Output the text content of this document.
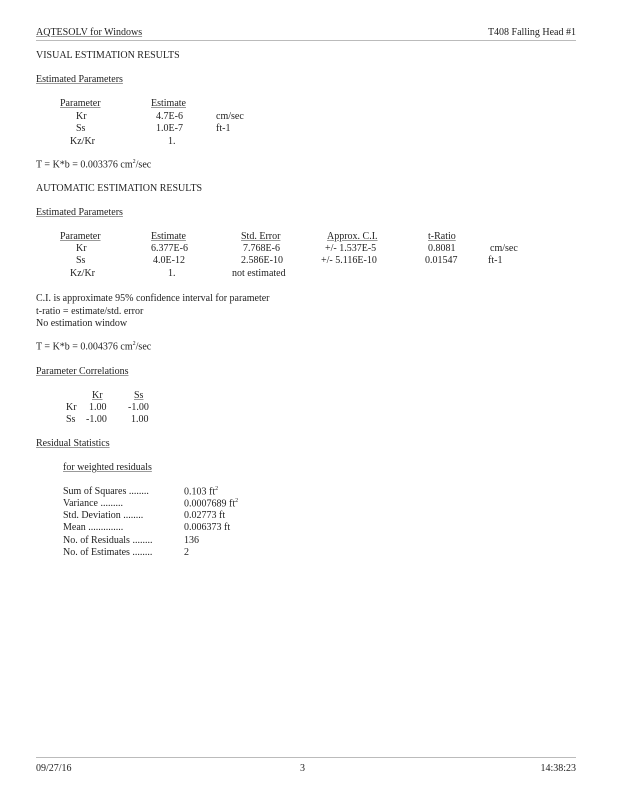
AQTESOLV for Windows	T408 Falling Head #1
VISUAL ESTIMATION RESULTS
Estimated Parameters
Parameter	Estimate
Kr	4.7E-6	cm/sec
Ss	1.0E-7	ft-1
Kz/Kr	1.
T = K*b = 0.003376 $cm^2/\sec$
AUTOMATIC ESTIMATION RESULTS
Estimated Parameters
Parameter	Estimate	Std. Error	Approx. C.I.	t-Ratio
Kr	6.377E-6	7.768E-6	+/- 1.537E-5	0.8081	cm/sec
Ss	4.0E-12	2.586E-10	+/- 5.116E-10	0.01547	ft-1
Kz/Kr	1.	not estimated
C.I. is approximate 95% confidence interval for parameter
t-ratio = estimate/std. error
No estimation window
T = K*b = 0.004376 $cm^2/\sec$
Parameter Correlations
Kr	Ss
Kr 1.00 -1.00
Ss -1.00 1.00
Residual Statistics
for weighted residuals
Sum of Squares ........	0.103 $ft^2$
Variance .........	0.0007689 $ft^2$
Std. Deviation ........	0.02773 ft
Mean ..............	0.006373 ft
No. of Residuals ........	136
No. of Estimates ........	2
09/27/16	3	14:38:23
